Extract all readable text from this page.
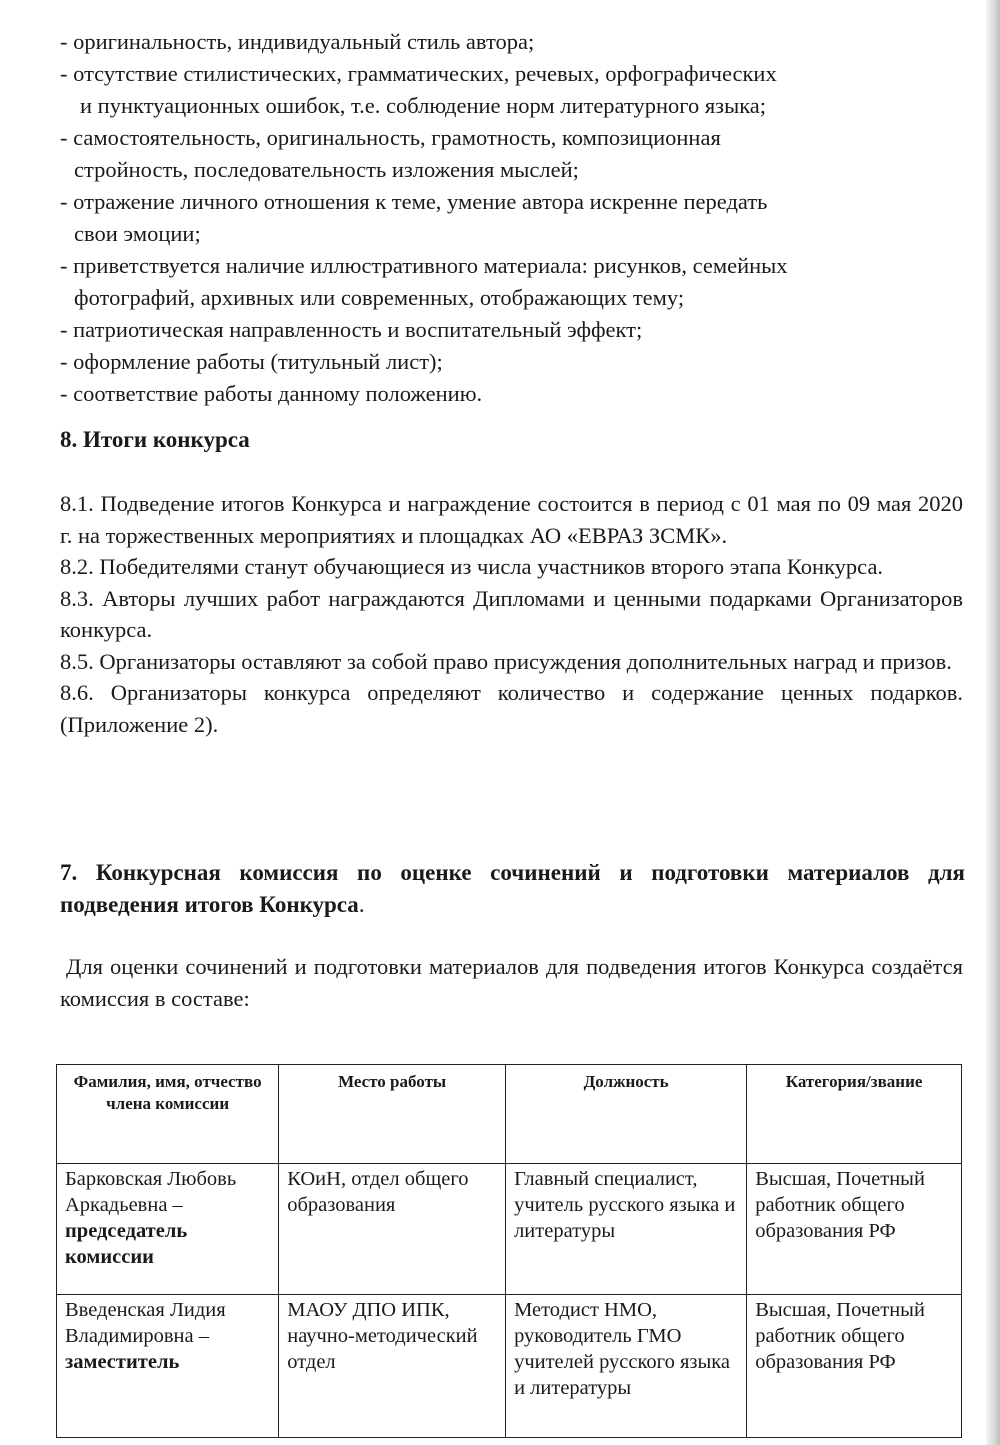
- оригинальность, индивидуальный стиль автора;

- отсутствие стилистических, грамматических, речевых, орфографических
и пунктуационных ошибок, т.е. соблюдение норм литературного языка;

- самостоятельность, оригинальность, грамотность, композиционная
стройность, последовательность изложения мыслей;

- отражение личного отношения к теме, умение автора искренне передать
свои эмоции;

- приветствуется наличие иллюстративного материала: рисунков, семейных
фотографий, архивных или современных, отображающих тему;

- патриотическая направленность и воспитательный эффект;

- оформление работы (титульный лист);

- соответствие работы данному положению.

8. Итоги конкурса

8.1. Подведение итогов Конкурса и награждение состоится в период с 01 мая по 09 мая 2020 г. на торжественных мероприятиях и площадках АО «ЕВРАЗ ЗСМК».

8.2. Победителями станут обучающиеся из числа участников второго этапа Конкурса.

8.3. Авторы лучших работ награждаются Дипломами и ценными подарками Организаторов конкурса.

8.5. Организаторы оставляют за собой право присуждения дополнительных наград и призов.

8.6. Организаторы конкурса определяют количество и содержание ценных подарков. (Приложение 2).

7. Конкурсная комиссия по оценке сочинений и подготовки материалов для подведения итогов Конкурса.

Для оценки сочинений и подготовки материалов для подведения итогов Конкурса создаётся комиссия в составе:

Фамилия, имя, отчество члена комиссии	Место работы	Должность	Категория/звание
Барковская Любовь Аркадьевна –
председатель комиссии	КОиН, отдел общего образования	Главный специалист, учитель русского языка и литературы	Высшая, Почетный работник общего образования РФ
Введенская Лидия Владимировна –
заместитель	МАОУ ДПО ИПК, научно-методический отдел	Методист НМО, руководитель ГМО учителей русского языка и литературы	Высшая, Почетный работник общего образования РФ
